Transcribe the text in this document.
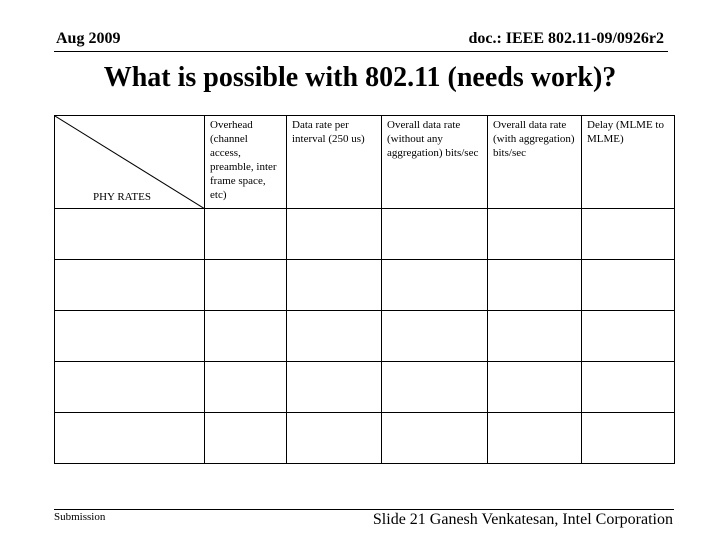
Aug 2009	doc.: IEEE 802.11-09/0926r2
What is possible with 802.11 (needs work)?
PHY RATES	Overhead (channel access, preamble, inter frame space, etc)	Data rate per interval (250 us)	Overall data rate (without any aggregation) bits/sec	Overall data rate (with aggregation) bits/sec	Delay (MLME to MLME)

Submission	Slide 21 Ganesh Venkatesan, Intel Corporation
